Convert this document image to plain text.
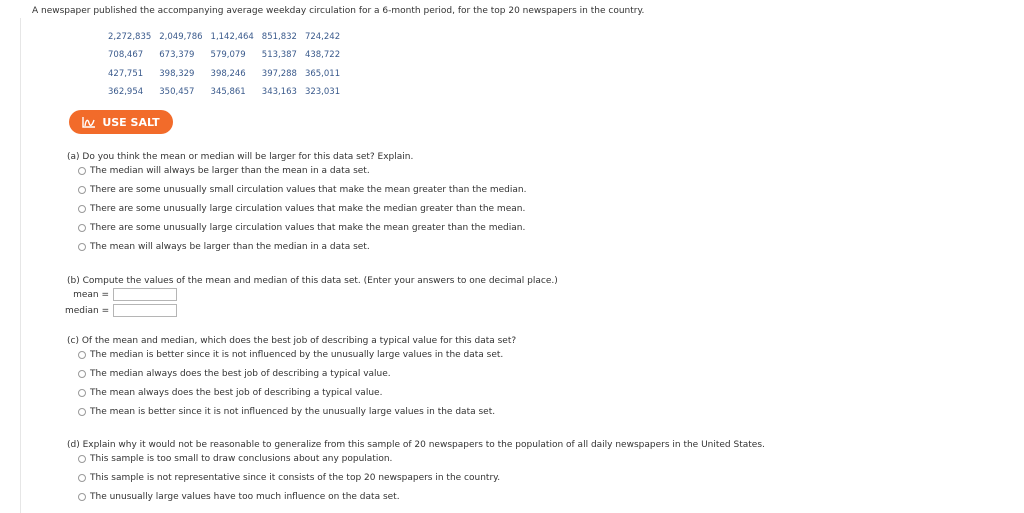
A newspaper published the accompanying average weekday circulation for a 6-month period, for the top 20 newspapers in the country.
2,272,835	2,049,786	1,142,464	851,832	724,242
708,467	673,379	579,079	513,387	438,722
427,751	398,329	398,246	397,288	365,011
362,954	350,457	345,861	343,163	323,031
USE SALT
(a) Do you think the mean or median will be larger for this data set? Explain.
The median will always be larger than the mean in a data set.
There are some unusually small circulation values that make the mean greater than the median.
There are some unusually large circulation values that make the median greater than the mean.
There are some unusually large circulation values that make the mean greater than the median.
The mean will always be larger than the median in a data set.
(b) Compute the values of the mean and median of this data set. (Enter your answers to one decimal place.)
mean =
median =
(c) Of the mean and median, which does the best job of describing a typical value for this data set?
The median is better since it is not influenced by the unusually large values in the data set.
The median always does the best job of describing a typical value.
The mean always does the best job of describing a typical value.
The mean is better since it is not influenced by the unusually large values in the data set.
(d) Explain why it would not be reasonable to generalize from this sample of 20 newspapers to the population of all daily newspapers in the United States.
This sample is too small to draw conclusions about any population.
This sample is not representative since it consists of the top 20 newspapers in the country.
The unusually large values have too much influence on the data set.
